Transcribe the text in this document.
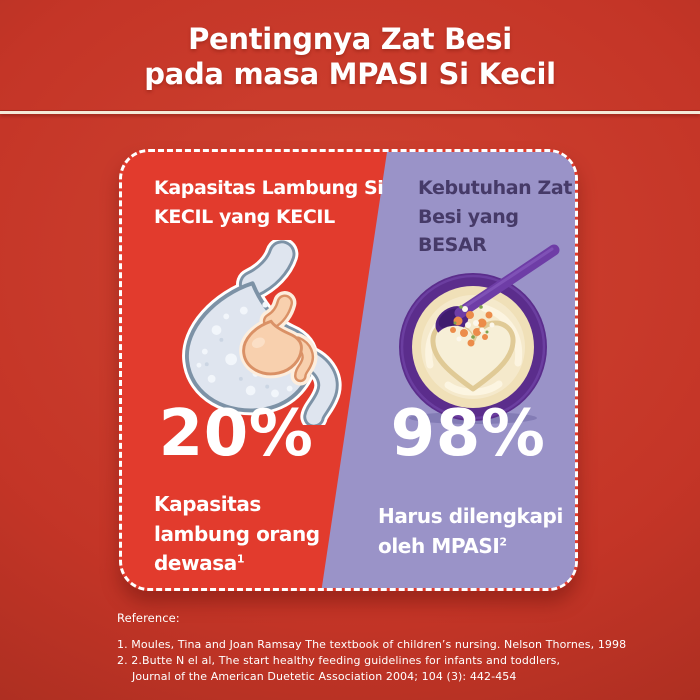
Pentingnya Zat Besi
pada masa MPASI Si Kecil
Kapasitas Lambung Si KECIL yang KECIL
Kebutuhan Zat Besi yang BESAR
20%	98%
Kapasitas lambung orang dewasa$^1$
Harus dilengkapi oleh MPASI$^2$
Reference:
1. Moules, Tina and Joan Ramsay The textbook of children’s nursing. Nelson Thornes, 1998
2. 2.Butte N el al, The start healthy feeding guidelines for infants and toddlers,
Journal of the American Duetetic Association 2004; 104 (3): 442-454
